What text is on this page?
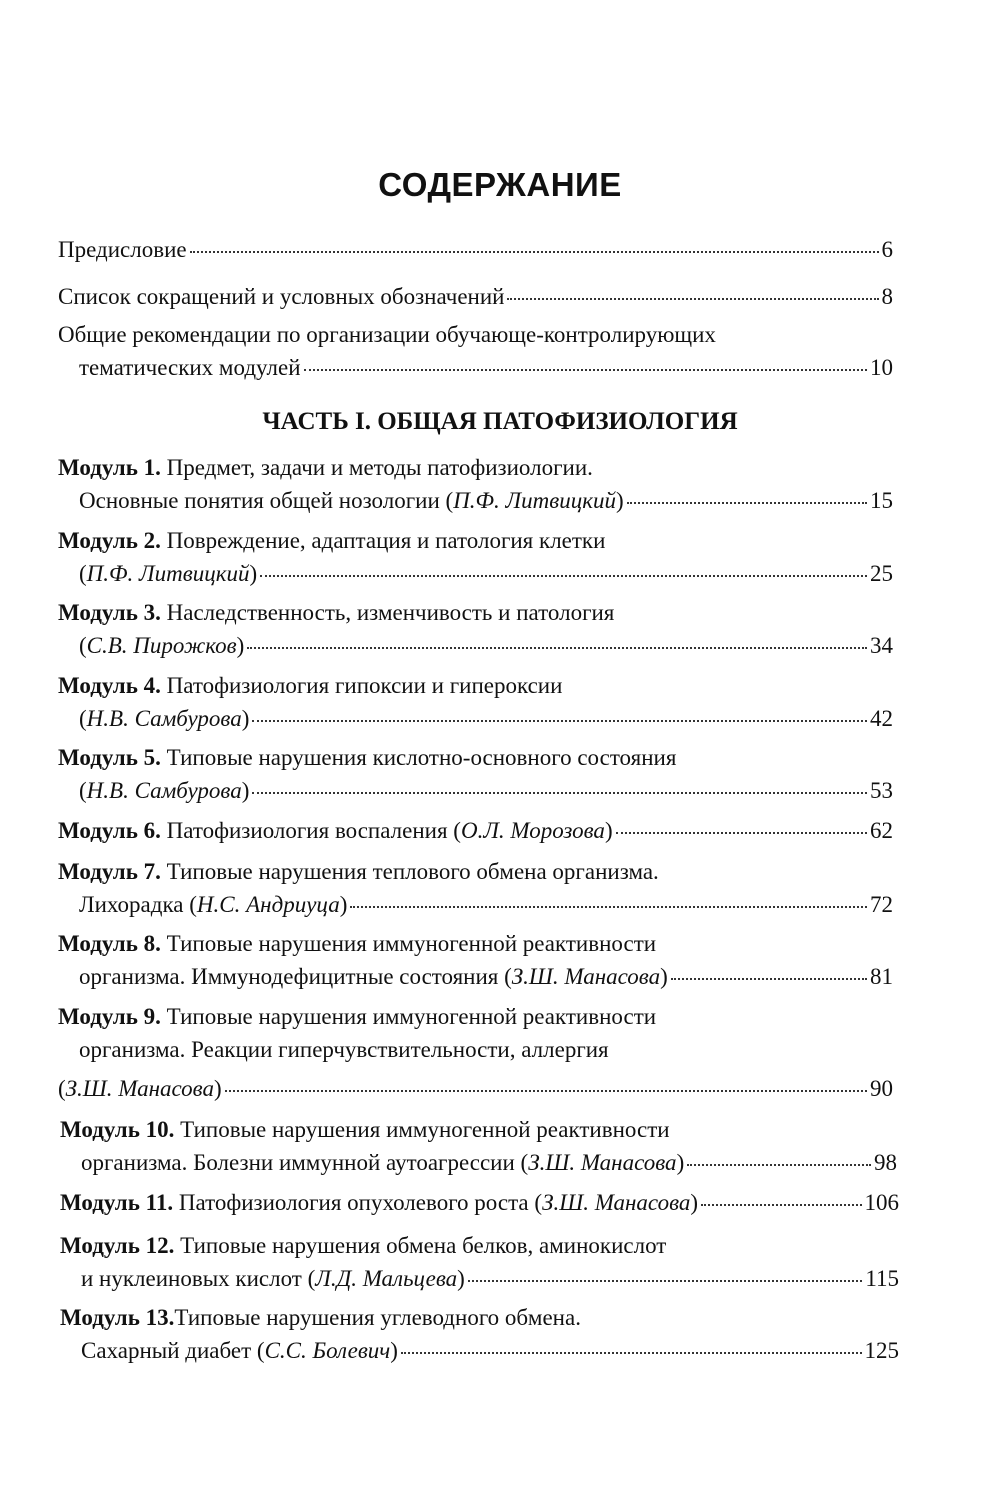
СОДЕРЖАНИЕ
Предисловие	6
Список сокращений и условных обозначений	8
Общие рекомендации по организации обучающе-контролирующих
тематических модулей	10
ЧАСТЬ I. ОБЩАЯ ПАТОФИЗИОЛОГИЯ
Модуль 1. Предмет, задачи и методы патофизиологии.
Основные понятия общей нозологии (П.Ф. Литвицкий)	15
Модуль 2. Повреждение, адаптация и патология клетки
(П.Ф. Литвицкий)	25
Модуль 3. Наследственность, изменчивость и патология
(С.В. Пирожков)	34
Модуль 4. Патофизиология гипоксии и гипероксии
(Н.В. Самбурова)	42
Модуль 5. Типовые нарушения кислотно-основного состояния
(Н.В. Самбурова)	53
Модуль 6. Патофизиология воспаления (О.Л. Морозова)	62
Модуль 7. Типовые нарушения теплового обмена организма.
Лихорадка (Н.С. Андриуца)	72
Модуль 8. Типовые нарушения иммуногенной реактивности
организма. Иммунодефицитные состояния (З.Ш. Манасова)	81
Модуль 9. Типовые нарушения иммуногенной реактивности
организма. Реакции гиперчувствительности, аллергия
(З.Ш. Манасова)	90
Модуль 10. Типовые нарушения иммуногенной реактивности
организма. Болезни иммунной аутоагрессии (З.Ш. Манасова)	98
Модуль 11. Патофизиология опухолевого роста (З.Ш. Манасова)	106
Модуль 12. Типовые нарушения обмена белков, аминокислот
и нуклеиновых кислот (Л.Д. Мальцева)	115
Модуль 13.Типовые нарушения углеводного обмена.
Сахарный диабет (С.С. Болевич)	125
